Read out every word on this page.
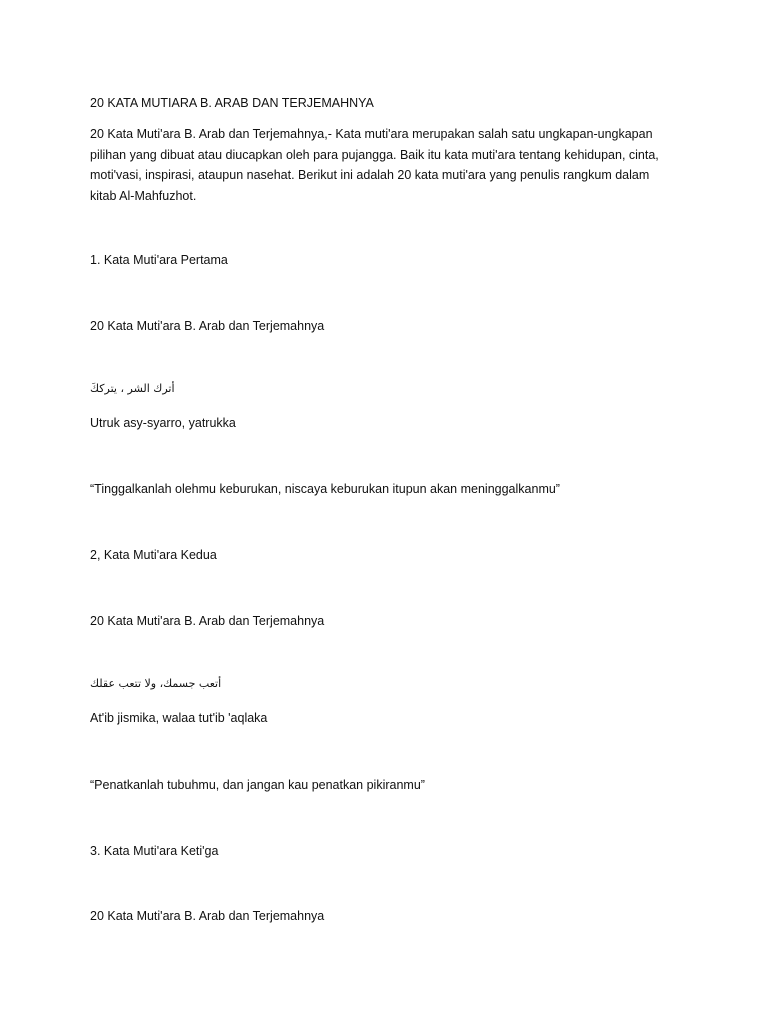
20 KATA MUTIARA B. ARAB DAN TERJEMAHNYA
20 Kata Muti'ara B. Arab dan Terjemahnya,- Kata muti'ara merupakan salah satu ungkapan-ungkapan
pilihan yang dibuat atau diucapkan oleh para pujangga. Baik itu kata muti'ara tentang kehidupan, cinta,
moti'vasi, inspirasi, ataupun nasehat. Berikut ini adalah 20 kata muti'ara yang penulis rangkum dalam
kitab Al-Mahfuzhot.
1. Kata Muti'ara Pertama
20 Kata Muti'ara B. Arab dan Terjemahnya
أترك الشر ، يترككَ
Utruk asy-syarro, yatrukka
“Tinggalkanlah olehmu keburukan, niscaya keburukan itupun akan meninggalkanmu”
2, Kata Muti'ara Kedua
20 Kata Muti'ara B. Arab dan Terjemahnya
أتعب جسمك، ولا تتعب عقلك
At'ib jismika, walaa tut'ib 'aqlaka
“Penatkanlah tubuhmu, dan jangan kau penatkan pikiranmu”
3. Kata Muti'ara Keti'ga
20 Kata Muti'ara B. Arab dan Terjemahnya
